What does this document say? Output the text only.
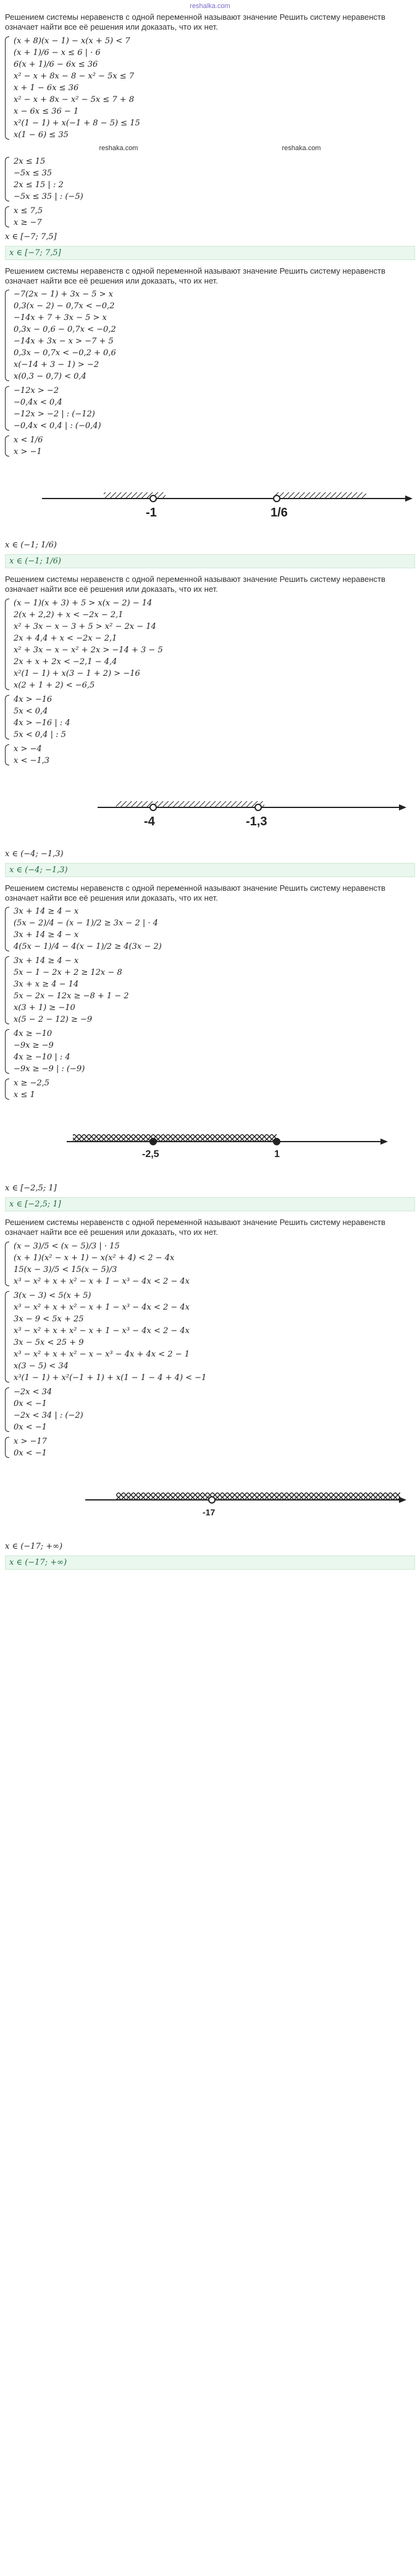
reshalka.com
Решением системы неравенств с одной переменной называют значение Решить систему неравенств означает найти все её решения или доказать, что их нет.
(x + 8)(x − 1) − x(x + 5) < 7
(x + 1)/6 − x ≤ 6 | · 6
6(x + 1)/6 − 6x ≤ 36
x² − x + 8x − 8 − x² − 5x ≤ 7
x + 1 − 6x ≤ 36
x² − x + 8x − x² − 5x ≤ 7 + 8
x − 6x ≤ 36 − 1
x²(1 − 1) + x(−1 + 8 − 5) ≤ 15
x(1 − 6) ≤ 35
reshaka.com	reshaka.com
2x ≤ 15
−5x ≤ 35
2x ≤ 15 | : 2
−5x ≤ 35 | : (−5)
x ≤ 7,5
x ≥ −7
x ∈ [−7; 7,5]
x ∈ [−7; 7,5]
Решением системы неравенств с одной переменной называют значение Решить систему неравенств означает найти все её решения или доказать, что их нет.
−7(2x − 1) + 3x − 5 > x
0,3(x − 2) − 0,7x < −0,2
−14x + 7 + 3x − 5 > x
0,3x − 0,6 − 0,7x < −0,2
−14x + 3x − x > −7 + 5
0,3x − 0,7x < −0,2 + 0,6
x(−14 + 3 − 1) > −2
x(0,3 − 0,7) < 0,4
−12x > −2
−0,4x < 0,4
−12x > −2 | : (−12)
−0,4x < 0,4 | : (−0,4)
x < 1/6
x > −1
-1	1/6
x ∈ (−1; 1/6)
x ∈ (−1; 1/6)
Решением системы неравенств с одной переменной называют значение Решить систему неравенств означает найти все её решения или доказать, что их нет.
(x − 1)(x + 3) + 5 > x(x − 2) − 14
2(x + 2,2) + x < −2x − 2,1
x² + 3x − x − 3 + 5 > x² − 2x − 14
2x + 4,4 + x < −2x − 2,1
x² + 3x − x − x² + 2x > −14 + 3 − 5
2x + x + 2x < −2,1 − 4,4
x²(1 − 1) + x(3 − 1 + 2) > −16
x(2 + 1 + 2) < −6,5
4x > −16
5x < 0,4
4x > −16 | : 4
5x < 0,4 | : 5
x > −4
x < −1,3
-4	-1,3
x ∈ (−4; −1,3)
x ∈ (−4; −1,3)
Решением системы неравенств с одной переменной называют значение Решить систему неравенств означает найти все её решения или доказать, что их нет.
3x + 14 ≥ 4 − x
(5x − 2)/4 − (x − 1)/2 ≥ 3x − 2 | · 4
3x + 14 ≥ 4 − x
4(5x − 1)/4 − 4(x − 1)/2 ≥ 4(3x − 2)
3x + 14 ≥ 4 − x
5x − 1 − 2x + 2 ≥ 12x − 8
3x + x ≥ 4 − 14
5x − 2x − 12x ≥ −8 + 1 − 2
x(3 + 1) ≥ −10
x(5 − 2 − 12) ≥ −9
4x ≥ −10
−9x ≥ −9
4x ≥ −10 | : 4
−9x ≥ −9 | : (−9)
x ≥ −2,5
x ≤ 1
-2,5	1
x ∈ [−2,5; 1]
x ∈ [−2,5; 1]
Решением системы неравенств с одной переменной называют значение Решить систему неравенств означает найти все её решения или доказать, что их нет.
(x − 3)/5 < (x − 5)/3 | · 15
(x + 1)(x² − x + 1) − x(x² + 4) < 2 − 4x
15(x − 3)/5 < 15(x − 5)/3
x³ − x² + x + x² − x + 1 − x³ − 4x < 2 − 4x
3(x − 3) < 5(x + 5)
x³ − x² + x + x² − x + 1 − x³ − 4x < 2 − 4x
3x − 9 < 5x + 25
x³ − x² + x + x² − x + 1 − x³ − 4x < 2 − 4x
3x − 5x < 25 + 9
x³ − x² + x + x² − x − x³ − 4x + 4x < 2 − 1
x(3 − 5) < 34
x³(1 − 1) + x²(−1 + 1) + x(1 − 1 − 4 + 4) < −1
−2x < 34
0x < −1
−2x < 34 | : (−2)
0x < −1
x > −17
0x < −1
-17
x ∈ (−17; +∞)
x ∈ (−17; +∞)
